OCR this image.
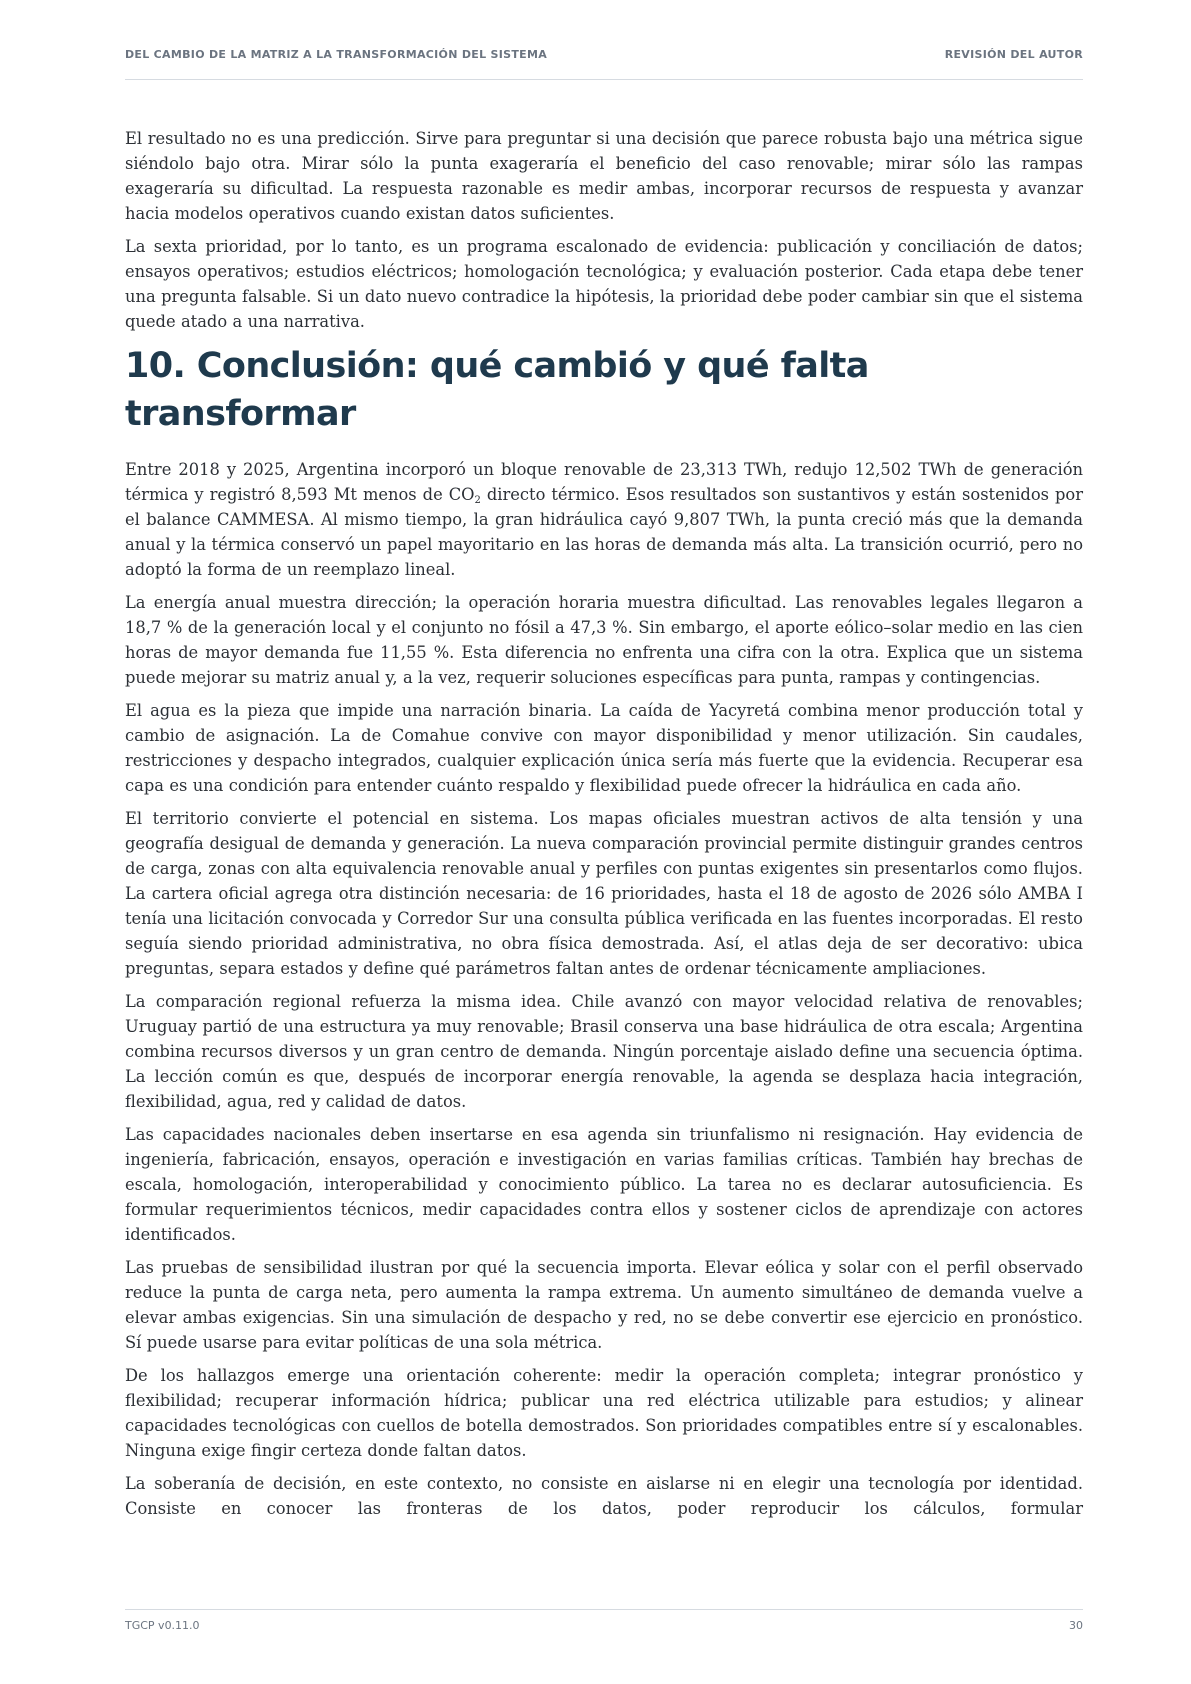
DEL CAMBIO DE LA MATRIZ A LA TRANSFORMACIÓN DEL SISTEMA	REVISIÓN DEL AUTOR

El resultado no es una predicción. Sirve para preguntar si una decisión que parece robusta bajo una métrica sigue siéndolo bajo otra. Mirar sólo la punta exageraría el beneficio del caso renovable; mirar sólo las rampas exageraría su dificultad. La respuesta razonable es medir ambas, incorporar recursos de respuesta y avanzar hacia modelos operativos cuando existan datos suficientes.

La sexta prioridad, por lo tanto, es un programa escalonado de evidencia: publicación y conciliación de datos; ensayos operativos; estudios eléctricos; homologación tecnológica; y evaluación posterior. Cada etapa debe tener una pregunta falsable. Si un dato nuevo contradice la hipótesis, la prioridad debe poder cambiar sin que el sistema quede atado a una narrativa.

10. Conclusión: qué cambió y qué falta transformar

Entre 2018 y 2025, Argentina incorporó un bloque renovable de 23,313 TWh, redujo 12,502 TWh de generación térmica y registró 8,593 Mt menos de $CO_2$ directo térmico. Esos resultados son sustantivos y están sostenidos por el balance CAMMESA. Al mismo tiempo, la gran hidráulica cayó 9,807 TWh, la punta creció más que la demanda anual y la térmica conservó un papel mayoritario en las horas de demanda más alta. La transición ocurrió, pero no adoptó la forma de un reemplazo lineal.

La energía anual muestra dirección; la operación horaria muestra dificultad. Las renovables legales llegaron a 18,7 % de la generación local y el conjunto no fósil a 47,3 %. Sin embargo, el aporte eólico–solar medio en las cien horas de mayor demanda fue 11,55 %. Esta diferencia no enfrenta una cifra con la otra. Explica que un sistema puede mejorar su matriz anual y, a la vez, requerir soluciones específicas para punta, rampas y contingencias.

El agua es la pieza que impide una narración binaria. La caída de Yacyretá combina menor producción total y cambio de asignación. La de Comahue convive con mayor disponibilidad y menor utilización. Sin caudales, restricciones y despacho integrados, cualquier explicación única sería más fuerte que la evidencia. Recuperar esa capa es una condición para entender cuánto respaldo y flexibilidad puede ofrecer la hidráulica en cada año.

El territorio convierte el potencial en sistema. Los mapas oficiales muestran activos de alta tensión y una geografía desigual de demanda y generación. La nueva comparación provincial permite distinguir grandes centros de carga, zonas con alta equivalencia renovable anual y perfiles con puntas exigentes sin presentarlos como flujos. La cartera oficial agrega otra distinción necesaria: de 16 prioridades, hasta el 18 de agosto de 2026 sólo AMBA I tenía una licitación convocada y Corredor Sur una consulta pública verificada en las fuentes incorporadas. El resto seguía siendo prioridad administrativa, no obra física demostrada. Así, el atlas deja de ser decorativo: ubica preguntas, separa estados y define qué parámetros faltan antes de ordenar técnicamente ampliaciones.

La comparación regional refuerza la misma idea. Chile avanzó con mayor velocidad relativa de renovables; Uruguay partió de una estructura ya muy renovable; Brasil conserva una base hidráulica de otra escala; Argentina combina recursos diversos y un gran centro de demanda. Ningún porcentaje aislado define una secuencia óptima. La lección común es que, después de incorporar energía renovable, la agenda se desplaza hacia integración, flexibilidad, agua, red y calidad de datos.

Las capacidades nacionales deben insertarse en esa agenda sin triunfalismo ni resignación. Hay evidencia de ingeniería, fabricación, ensayos, operación e investigación en varias familias críticas. También hay brechas de escala, homologación, interoperabilidad y conocimiento público. La tarea no es declarar autosuficiencia. Es formular requerimientos técnicos, medir capacidades contra ellos y sostener ciclos de aprendizaje con actores identificados.

Las pruebas de sensibilidad ilustran por qué la secuencia importa. Elevar eólica y solar con el perfil observado reduce la punta de carga neta, pero aumenta la rampa extrema. Un aumento simultáneo de demanda vuelve a elevar ambas exigencias. Sin una simulación de despacho y red, no se debe convertir ese ejercicio en pronóstico. Sí puede usarse para evitar políticas de una sola métrica.

De los hallazgos emerge una orientación coherente: medir la operación completa; integrar pronóstico y flexibilidad; recuperar información hídrica; publicar una red eléctrica utilizable para estudios; y alinear capacidades tecnológicas con cuellos de botella demostrados. Son prioridades compatibles entre sí y escalonables. Ninguna exige fingir certeza donde faltan datos.

La soberanía de decisión, en este contexto, no consiste en aislarse ni en elegir una tecnología por identidad. Consiste en conocer las fronteras de los datos, poder reproducir los cálculos, formular

TGCP v0.11.0	30
